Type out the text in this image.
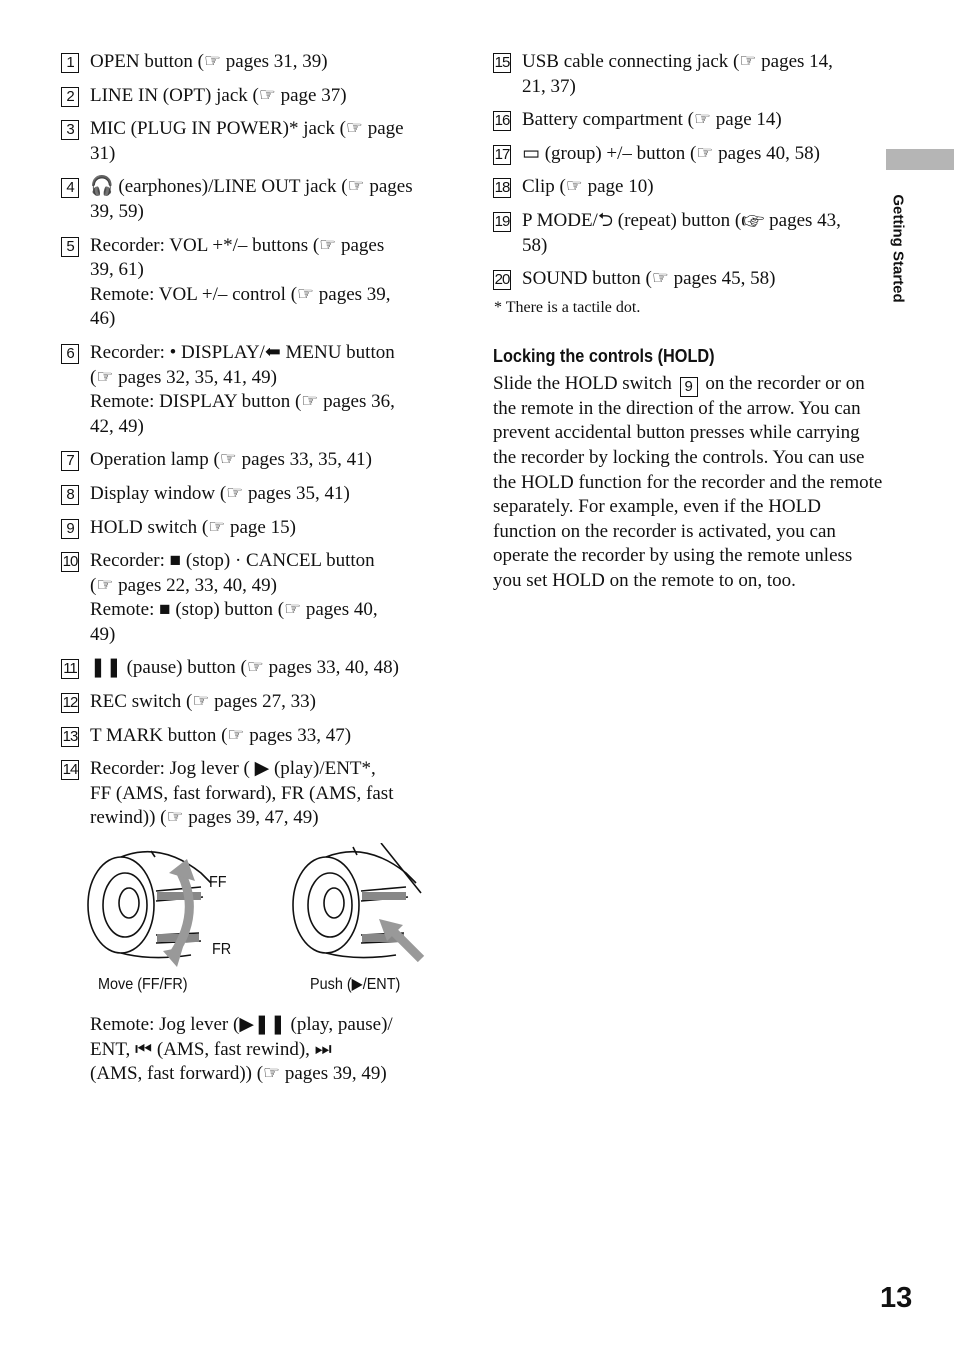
1 OPEN button (☞ pages 31, 39)
2 LINE IN (OPT) jack (☞ page 37)
3 MIC (PLUG IN POWER)* jack (☞ page
31)
4 🎧 (earphones)/LINE OUT jack (☞ pages
39, 59)
5 Recorder: VOL +*/– buttons (☞ pages
39, 61)
Remote: VOL +/– control (☞ pages 39,
46)
6 Recorder: • DISPLAY/⬅ MENU button
(☞ pages 32, 35, 41, 49)
Remote: DISPLAY button (☞ pages 36,
42, 49)
7 Operation lamp (☞ pages 33, 35, 41)
8 Display window (☞ pages 35, 41)
9 HOLD switch (☞ page 15)
10 Recorder: ■ (stop) · CANCEL button
(☞ pages 22, 33, 40, 49)
Remote: ■ (stop) button (☞ pages 40,
49)
11 ❚❚ (pause) button (☞ pages 33, 40, 48)
12 REC switch (☞ pages 27, 33)
13 T MARK button (☞ pages 33, 47)
14 Recorder: Jog lever ( ▶ (play)/ENT*,
FF (AMS, fast forward), FR (AMS, fast
rewind)) (☞ pages 39, 47, 49)
FF
FR
Move (FF/FR)	Push (▶/ENT)
Remote: Jog lever (▶❚❚ (play, pause)/
ENT, ⏮ (AMS, fast rewind), ⏭
(AMS, fast forward)) (☞ pages 39, 49)
15 USB cable connecting jack (☞ pages 14,
21, 37)
16 Battery compartment (☞ page 14)
17 ▭ (group) +/– button (☞ pages 40, 58)
18 Clip (☞ page 10)
19 P MODE/⮌ (repeat) button (☞ pages 43,
58)
20 SOUND button (☞ pages 45, 58)
* There is a tactile dot.
Locking the controls (HOLD)
Slide the HOLD switch 9 on the recorder or on the remote in the direction of the arrow. You can prevent accidental button presses while carrying the recorder by locking the controls. You can use the HOLD function for the recorder and the remote separately. For example, even if the HOLD function on the recorder is activated, you can operate the recorder by using the remote unless you set HOLD on the remote to on, too.
Getting Started
13
